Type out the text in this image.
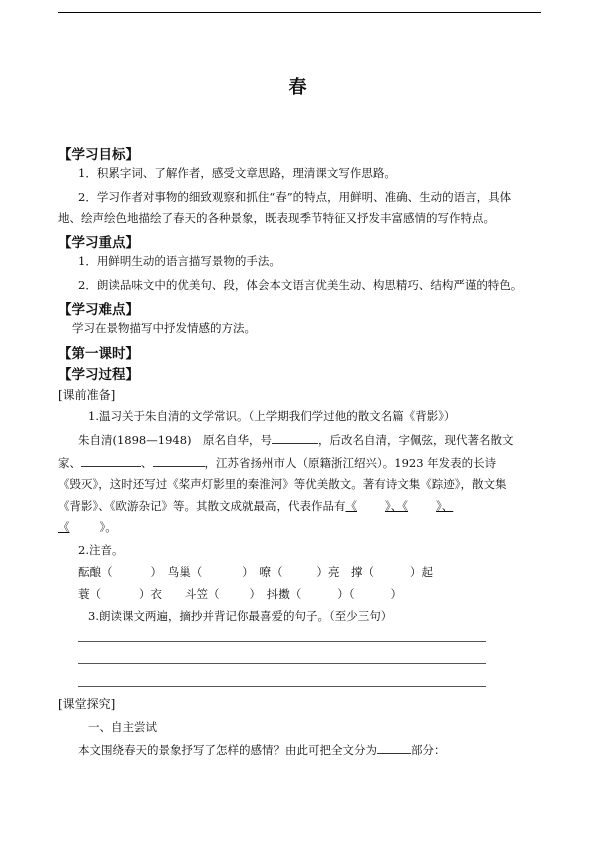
春
【学习目标】
1．积累字词、了解作者，感受文章思路，理清课文写作思路。
2．学习作者对事物的细致观察和抓住“春”的特点，用鲜明、准确、生动的语言，具体
地、绘声绘色地描绘了春天的各种景象，既表现季节特征又抒发丰富感情的写作特点。
【学习重点】
1．用鲜明生动的语言描写景物的手法。
2．朗读品味文中的优美句、段，体会本文语言优美生动、构思精巧、结构严谨的特色。
【学习难点】
学习在景物描写中抒发情感的方法。
【第一课时】
【学习过程】
[课前准备]
1.温习关于朱自清的文学常识。（上学期我们学过他的散文名篇《背影》）
朱自清(1898—1948)　原名自华，号	，后改名自清，字佩弦，现代著名散文
家、	、	，江苏省扬州市人（原籍浙江绍兴）。1923 年发表的长诗
《毁灭》，这时还写过《桨声灯影里的秦淮河》等优美散文。著有诗文集《踪迹》，散文集
《背影》、《欧游杂记》等。其散文成就最高，代表作品有《 》、《 》、
《	》。
2.注音。
酝酿（	）　鸟巢（	）　嘹（	）亮　撑（	）起
蓑（	）衣　　斗笠（	）　抖擞（	）（	）
3.朗读课文两遍，摘抄并背记你最喜爱的句子。（至少三句）
[课堂探究]
一、自主尝试
本文围绕春天的景象抒写了怎样的感情？由此可把全文分为	部分：
